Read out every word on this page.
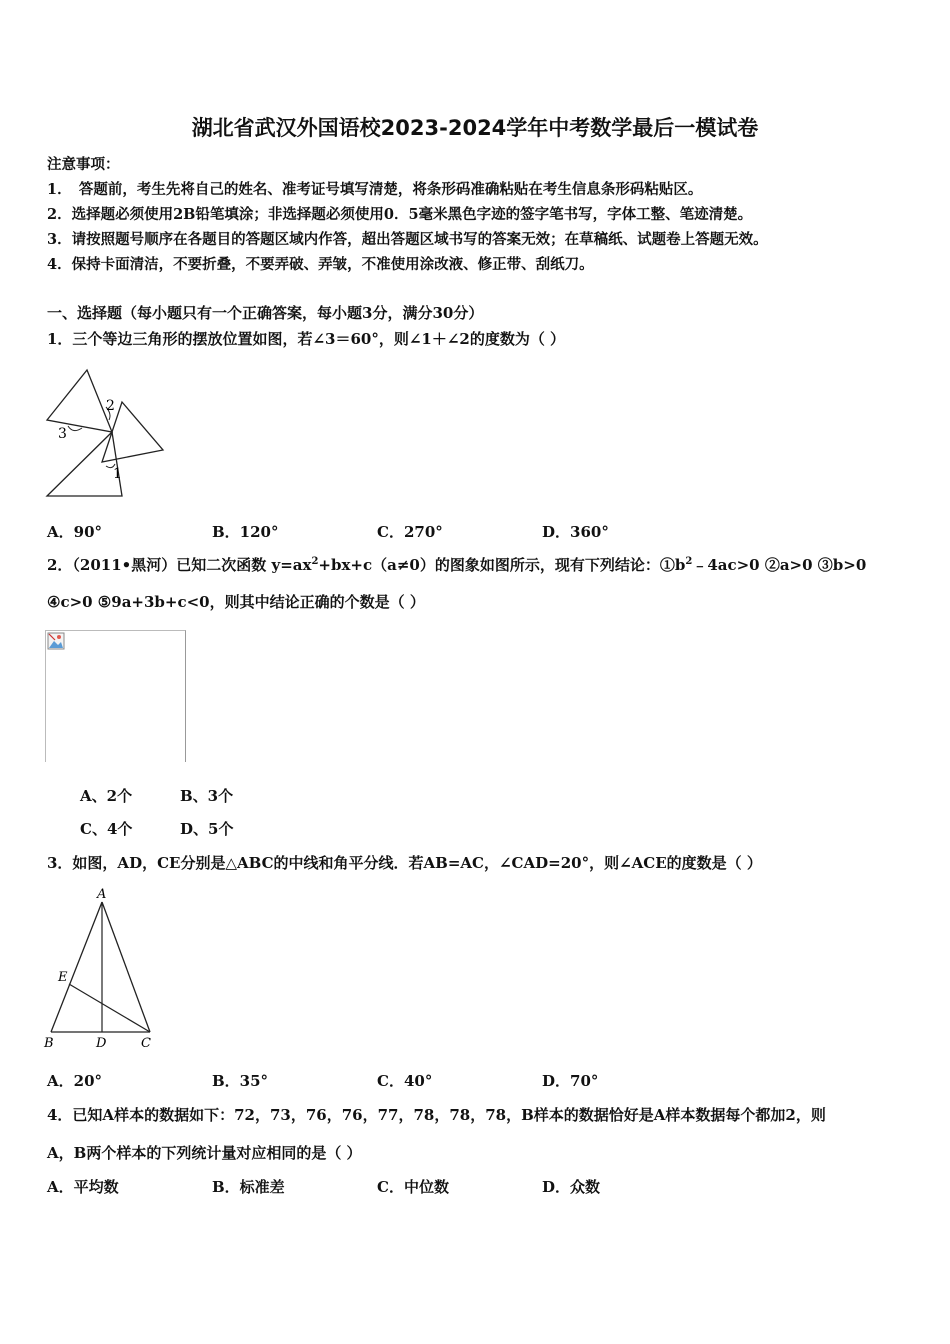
湖北省武汉外国语校2023-2024学年中考数学最后一模试卷
注意事项：
1．　答题前，考生先将自己的姓名、准考证号填写清楚，将条形码准确粘贴在考生信息条形码粘贴区。
2．选择题必须使用2B铅笔填涂；非选择题必须使用0．5毫米黑色字迹的签字笔书写，字体工整、笔迹清楚。
3．请按照题号顺序在各题目的答题区域内作答，超出答题区域书写的答案无效；在草稿纸、试题卷上答题无效。
4．保持卡面清洁，不要折叠，不要弄破、弄皱，不准使用涂改液、修正带、刮纸刀。
一、选择题（每小题只有一个正确答案，每小题3分，满分30分）
1．三个等边三角形的摆放位置如图，若∠3＝60°，则∠1＋∠2的度数为（ ）
3
2
1
A．90°	B．120°	C．270°	D．360°
2．（2011•黑河）已知二次函数 $y=ax^2+bx+c(a\ne 0)$的图象如图所示，现有下列结论：$①b^2﹣4ac>0$ ②a>0 ③b>0
④c>0 ⑤9a+3b+c<0，则其中结论正确的个数是（ ）
A、2个	B、3个
C、4个	D、5个
3．如图，AD，CE分别是△ABC的中线和角平分线．若AB=AC，∠CAD=20°，则∠ACE的度数是（ ）
A
E
B	D	C
A．20°	B．35°	C．40°	D．70°
4．已知A样本的数据如下：72，73，76，76，77，78，78，78，B样本的数据恰好是A样本数据每个都加2，则
A，B两个样本的下列统计量对应相同的是（ ）
A．平均数	B．标准差	C．中位数	D．众数
